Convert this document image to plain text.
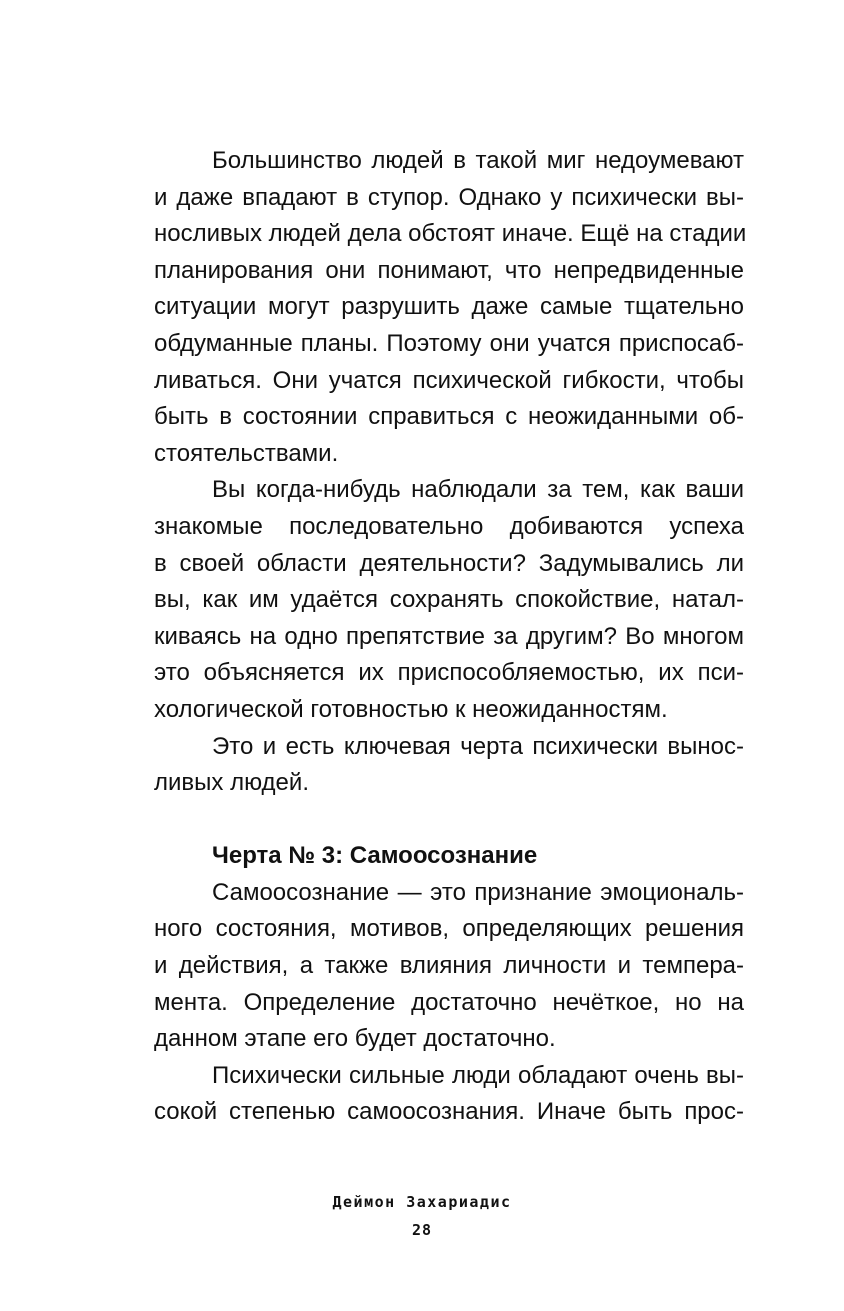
Большинство людей в такой миг недоумевают
и даже впадают в ступор. Однако у психически вы-
носливых людей дела обстоят иначе. Ещё на стадии
планирования они понимают, что непредвиденные
ситуации могут разрушить даже самые тщательно
обдуманные планы. Поэтому они учатся приспосаб-
ливаться. Они учатся психической гибкости, чтобы
быть в состоянии справиться с неожиданными об-
стоятельствами.
Вы когда-нибудь наблюдали за тем, как ваши
знакомые последовательно добиваются успеха
в своей области деятельности? Задумывались ли
вы, как им удаётся сохранять спокойствие, натал-
киваясь на одно препятствие за другим? Во многом
это объясняется их приспособляемостью, их пси-
хологической готовностью к неожиданностям.
Это и есть ключевая черта психически вынос-
ливых людей.
Черта № 3: Самоосознание
Самоосознание — это признание эмоциональ-
ного состояния, мотивов, определяющих решения
и действия, а также влияния личности и темпера-
мента. Определение достаточно нечёткое, но на
данном этапе его будет достаточно.
Психически сильные люди обладают очень вы-
сокой степенью самоосознания. Иначе быть прос-
Деймон Захариадис
28
